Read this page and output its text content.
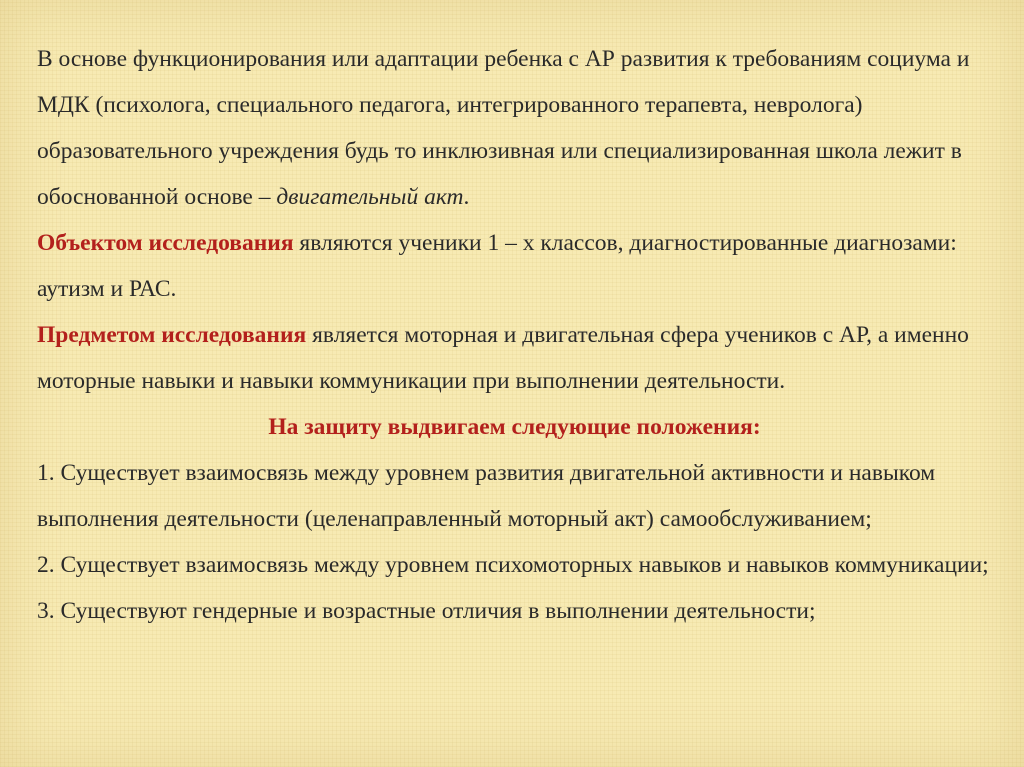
В основе функционирования или адаптации ребенка с АР развития к требованиям социума и МДК (психолога, специального педагога, интегрированного терапевта, невролога) образовательного учреждения будь то инклюзивная или специализированная школа лежит в обоснованной основе – двигательный акт.

Объектом исследования являются ученики 1 – х классов, диагностированные диагнозами: аутизм и РАС.

Предметом исследования является моторная и двигательная сфера учеников с АР, а именно моторные навыки и навыки коммуникации при выполнении деятельности.

На защиту выдвигаем следующие положения:

1. Существует взаимосвязь между уровнем развития двигательной активности и навыком выполнения деятельности (целенаправленный моторный акт) самообслуживанием;

2. Существует взаимосвязь между уровнем психомоторных навыков и навыков коммуникации;

3. Существуют гендерные и возрастные отличия в выполнении деятельности;
